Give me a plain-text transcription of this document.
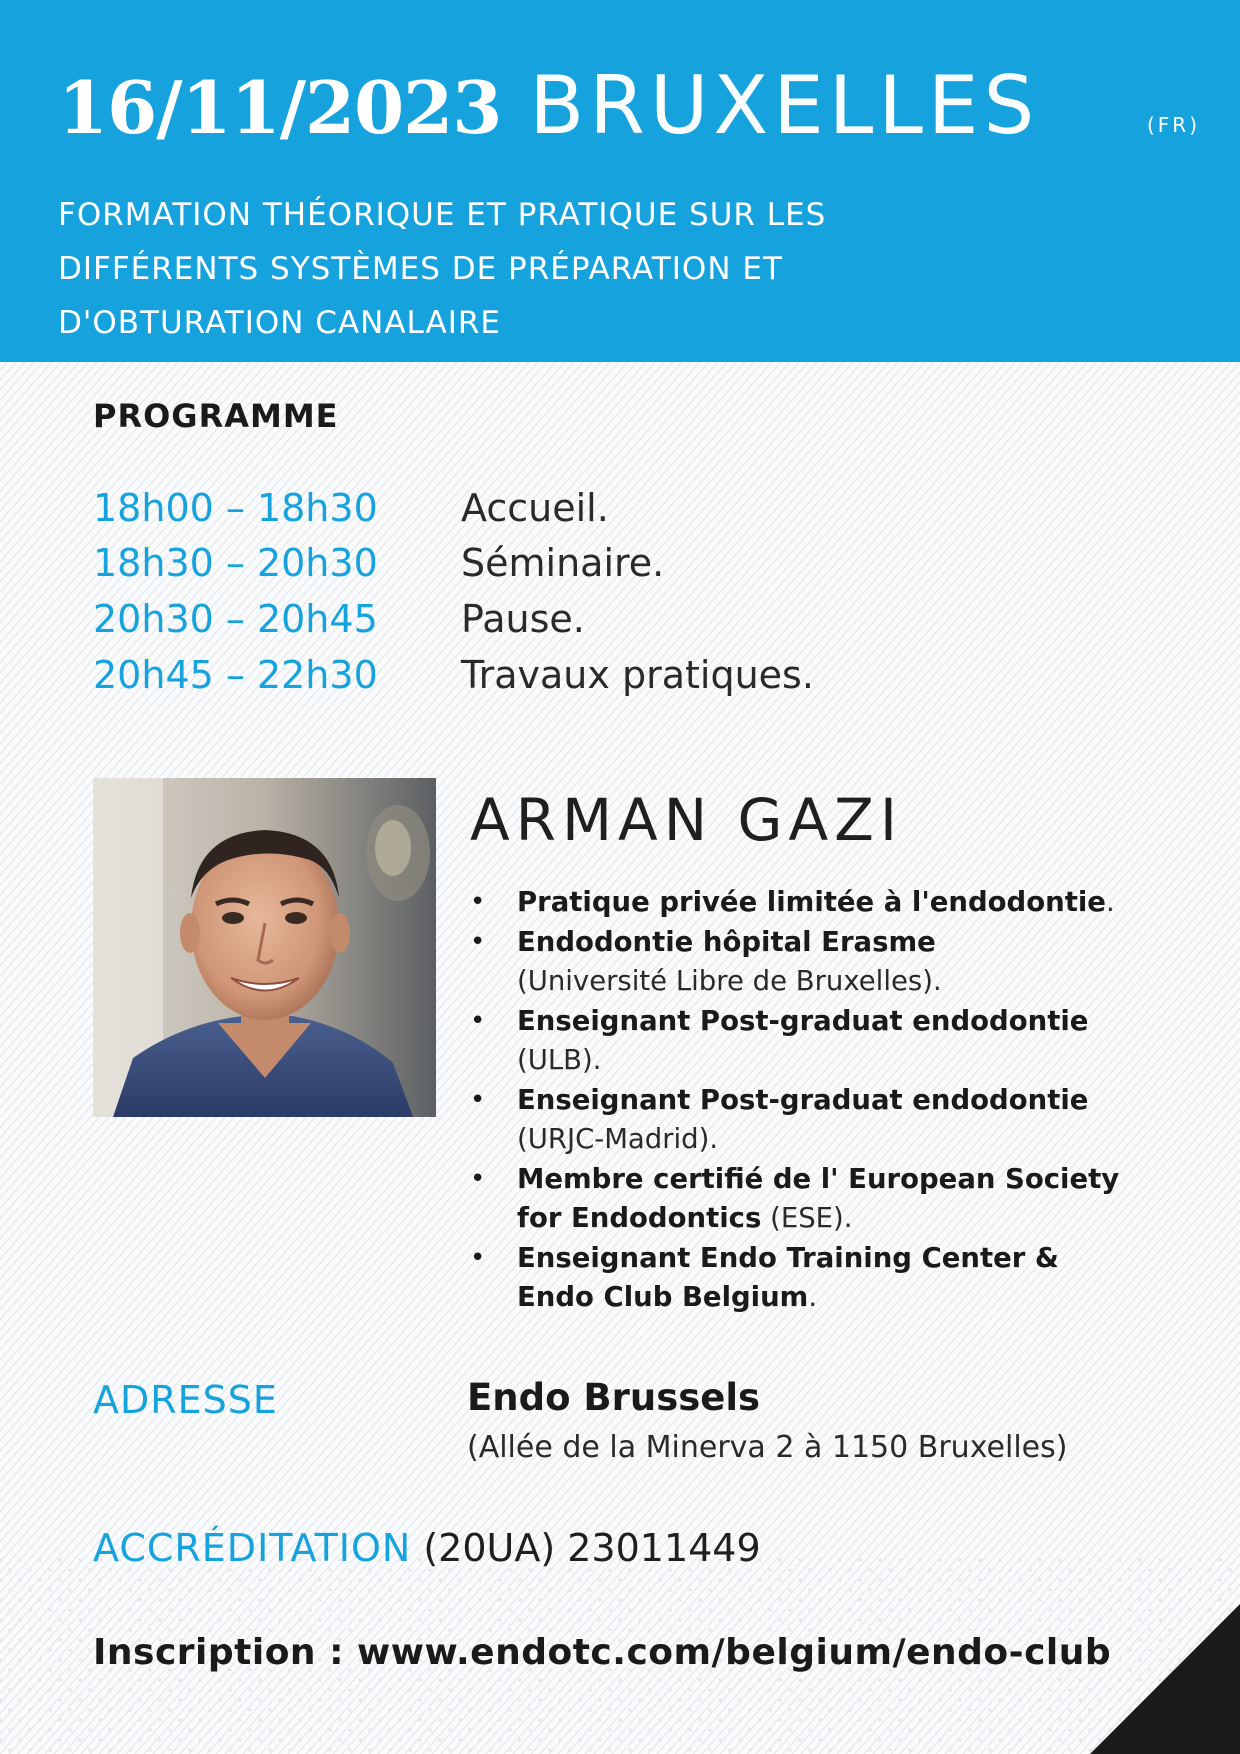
16/11/2023 BRUXELLES	(FR)
FORMATION THÉORIQUE ET PRATIQUE SUR LES
DIFFÉRENTS SYSTÈMES DE PRÉPARATION ET
D'OBTURATION CANALAIRE
PROGRAMME
18h00 – 18h30 Accueil.
18h30 – 20h30 Séminaire.
20h30 – 20h45 Pause.
20h45 – 22h30 Travaux pratiques.
ARMAN GAZI
• Pratique privée limitée à l'endodontie.
• Endodontie hôpital Erasme
(Université Libre de Bruxelles).
• Enseignant Post-graduat endodontie
(ULB).
• Enseignant Post-graduat endodontie
(URJC-Madrid).
• Membre certifié de l' European Society
for Endodontics (ESE).
• Enseignant Endo Training Center &
Endo Club Belgium.
ADRESSE	Endo Brussels
(Allée de la Minerva 2 à 1150 Bruxelles)
ACCRÉDITATION (20UA) 23011449
Inscription : www.endotc.com/belgium/endo-club
